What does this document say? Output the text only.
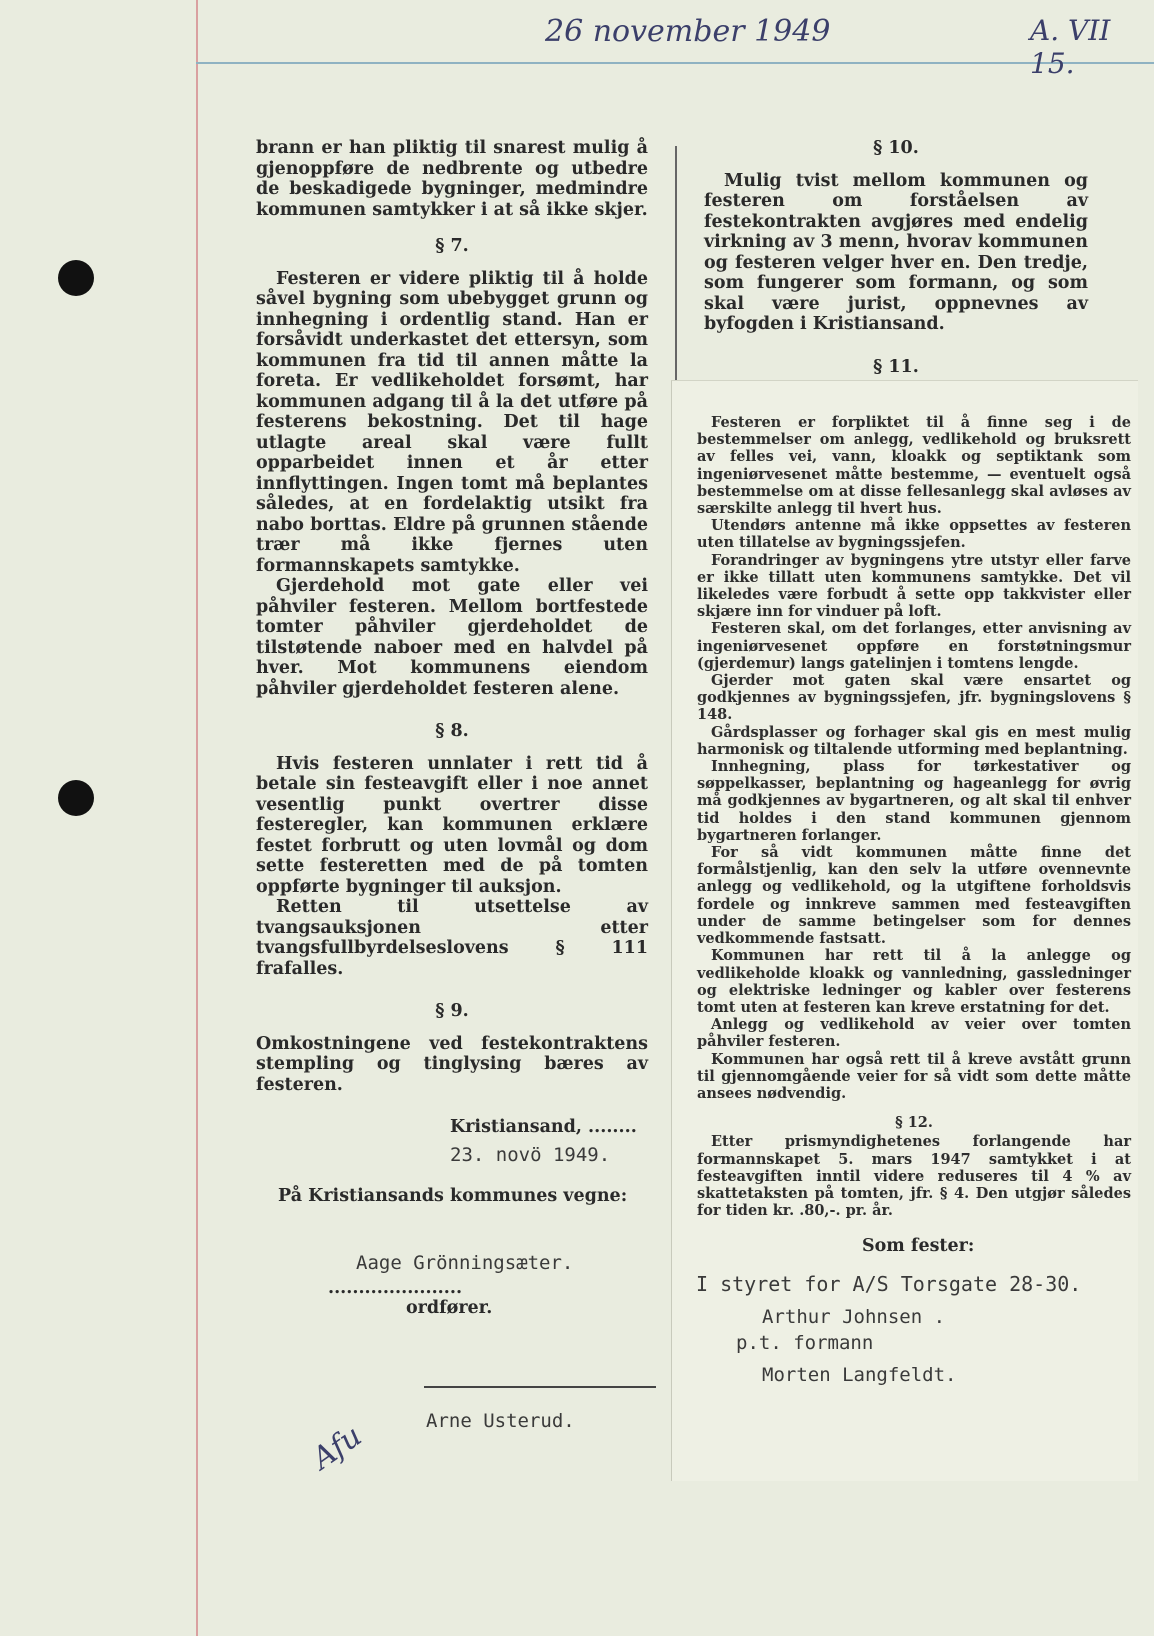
26 november 1949	A. VII 15.

brann er han pliktig til snarest mulig å gjenoppføre de nedbrente og utbedre de beskadigede bygninger, medmindre kommunen samtykker i at så ikke skjer.

§ 7.

Festeren er videre pliktig til å holde såvel bygning som ubebygget grunn og innhegning i ordentlig stand. Han er forsåvidt underkastet det ettersyn, som kommunen fra tid til annen måtte la foreta. Er vedlikeholdet forsømt, har kommunen adgang til å la det utføre på festerens bekostning. Det til hage utlagte areal skal være fullt opparbeidet innen et år etter innflyttingen. Ingen tomt må beplantes således, at en fordelaktig utsikt fra nabo borttas. Eldre på grunnen stående trær må ikke fjernes uten formannskapets samtykke.

Gjerdehold mot gate eller vei påhviler festeren. Mellom bortfestede tomter påhviler gjerdeholdet de tilstøtende naboer med en halvdel på hver. Mot kommunens eiendom påhviler gjerdeholdet festeren alene.

§ 8.

Hvis festeren unnlater i rett tid å betale sin festeavgift eller i noe annet vesentlig punkt overtrer disse festeregler, kan kommunen erklære festet forbrutt og uten lovmål og dom sette festeretten med de på tomten oppførte bygninger til auksjon.

Retten til utsettelse av tvangsauksjonen etter tvangsfullbyrdelseslovens § 111 frafalles.

§ 9.

Omkostningene ved festekontraktens stempling og tinglysing bæres av festeren.

§ 10.

Mulig tvist mellom kommunen og festeren om forståelsen av festekontrakten avgjøres med endelig virkning av 3 menn, hvorav kommunen og festeren velger hver en. Den tredje, som fungerer som formann, og som skal være jurist, oppnevnes av byfogden i Kristiansand.

§ 11.

Festeren er forpliktet til å finne seg i de bestemmelser om anlegg, vedlikehold og bruksrett av felles vei, vann, kloakk og septiktank som ingeniørvesenet måtte bestemme, — eventuelt også bestemmelse om at disse fellesanlegg skal avløses av særskilte anlegg til hvert hus.

Utendørs antenne må ikke oppsettes av festeren uten tillatelse av bygningssjefen.

Forandringer av bygningens ytre utstyr eller farve er ikke tillatt uten kommunens samtykke. Det vil likeledes være forbudt å sette opp takkvister eller skjære inn for vinduer på loft.

Festeren skal, om det forlanges, etter anvisning av ingeniørvesenet oppføre en forstøtningsmur (gjerdemur) langs gatelinjen i tomtens lengde.

Gjerder mot gaten skal være ensartet og godkjennes av bygningssjefen, jfr. bygningslovens § 148.

Gårdsplasser og forhager skal gis en mest mulig harmonisk og tiltalende utforming med beplantning.

Innhegning, plass for tørkestativer og søppelkasser, beplantning og hageanlegg for øvrig må godkjennes av bygartneren, og alt skal til enhver tid holdes i den stand kommunen gjennom bygartneren forlanger.

For så vidt kommunen måtte finne det formålstjenlig, kan den selv la utføre ovennevnte anlegg og vedlikehold, og la utgiftene forholdsvis fordele og innkreve sammen med festeavgiften under de samme betingelser som for dennes vedkommende fastsatt.

Kommunen har rett til å la anlegge og vedlikeholde kloakk og vannledning, gassledninger og elektriske ledninger og kabler over festerens tomt uten at festeren kan kreve erstatning for det.

Anlegg og vedlikehold av veier over tomten påhviler festeren.

Kommunen har også rett til å kreve avstått grunn til gjennomgående veier for så vidt som dette måtte ansees nødvendig.

§ 12.

Etter prismyndighetenes forlangende har formannskapet 5. mars 1947 samtykket i at festeavgiften inntil videre reduseres til 4 % av skattetaksten på tomten, jfr. § 4. Den utgjør således for tiden kr. .80,-. pr. år.

Kristiansand, ........
23. novö 1949.
På Kristiansands kommunes vegne:
Aage Grönningsæter.
......................
ordfører.
Arne Usterud.
Afu
Som fester:
I styret for A/S Torsgate 28-30.
Arthur Johnsen .
p.t. formann
Morten Langfeldt.
